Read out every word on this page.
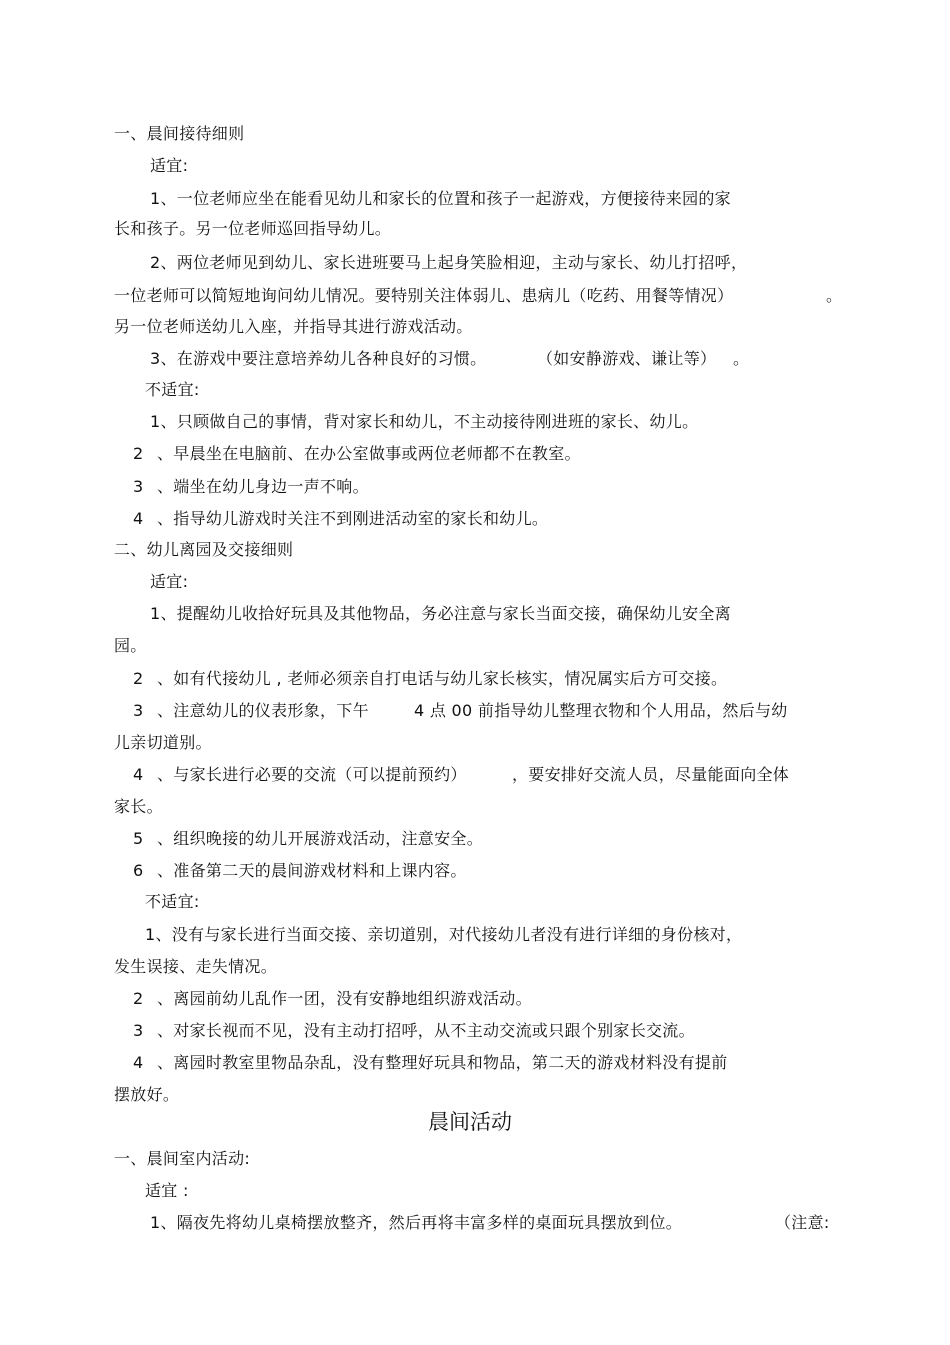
一、晨间接待细则
适宜:
1、一位老师应坐在能看见幼儿和家长的位置和孩子一起游戏，方便接待来园的家
长和孩子。另一位老师巡回指导幼儿。
2、两位老师见到幼儿、家长进班要马上起身笑脸相迎，主动与家长、幼儿打招呼，
一位老师可以简短地询问幼儿情况。要特别关注体弱儿、患病儿（吃药、用餐等情况）	。
另一位老师送幼儿入座，并指导其进行游戏活动。
3、在游戏中要注意培养幼儿各种良好的习惯。	（如安静游戏、谦让等） 。
不适宜:
1、只顾做自己的事情，背对家长和幼儿，不主动接待刚进班的家长、幼儿。
2 、早晨坐在电脑前、在办公室做事或两位老师都不在教室。
3 、端坐在幼儿身边一声不响。
4 、指导幼儿游戏时关注不到刚进活动室的家长和幼儿。
二、幼儿离园及交接细则
适宜:
1、提醒幼儿收拾好玩具及其他物品，务必注意与家长当面交接，确保幼儿安全离
园。
2 、如有代接幼儿 , 老师必须亲自打电话与幼儿家长核实，情况属实后方可交接。
3 、注意幼儿的仪表形象，下午	4 点 00 前指导幼儿整理衣物和个人用品，然后与幼
儿亲切道别。
4 、与家长进行必要的交流（可以提前预约）	，要安排好交流人员，尽量能面向全体
家长。
5 、组织晚接的幼儿开展游戏活动，注意安全。
6 、准备第二天的晨间游戏材料和上课内容。
不适宜:
1、没有与家长进行当面交接、亲切道别，对代接幼儿者没有进行详细的身份核对，
发生误接、走失情况。
2 、离园前幼儿乱作一团，没有安静地组织游戏活动。
3 、对家长视而不见，没有主动打招呼，从不主动交流或只跟个别家长交流。
4 、离园时教室里物品杂乱，没有整理好玩具和物品，第二天的游戏材料没有提前
摆放好。
晨间活动
一、晨间室内活动:
适宜 :
1、隔夜先将幼儿桌椅摆放整齐，然后再将丰富多样的桌面玩具摆放到位。	（注意:
